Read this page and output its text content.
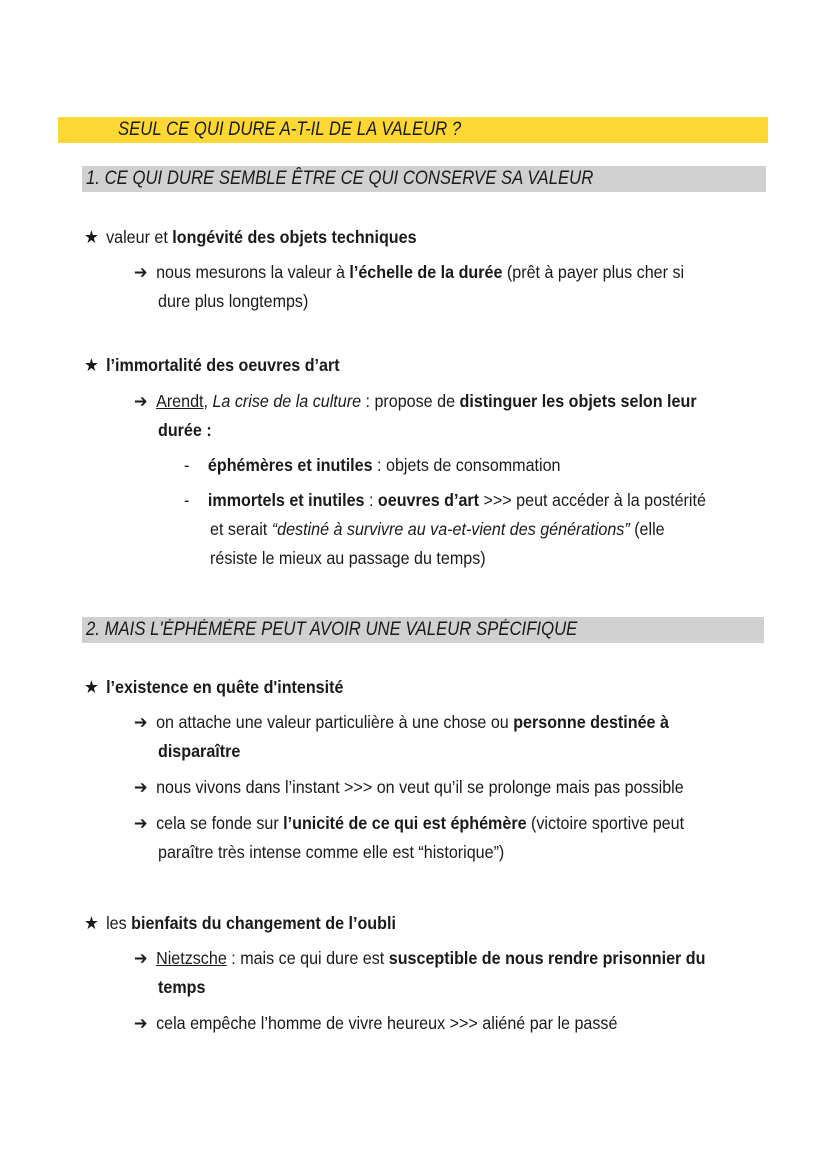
SEUL CE QUI DURE A-T-IL DE LA VALEUR ?
1. CE QUI DURE SEMBLE ÊTRE CE QUI CONSERVE SA VALEUR
★ valeur et longévité des objets techniques
➔ nous mesurons la valeur à l’échelle de la durée (prêt à payer plus cher si
dure plus longtemps)
★ l’immortalité des oeuvres d’art
➔ Arendt, La crise de la culture : propose de distinguer les objets selon leur
durée :
- éphémères et inutiles : objets de consommation
- immortels et inutiles : oeuvres d’art >>> peut accéder à la postérité
et serait “destiné à survivre au va-et-vient des générations” (elle
résiste le mieux au passage du temps)
2. MAIS L'ÉPHÉMÈRE PEUT AVOIR UNE VALEUR SPÉCIFIQUE
★ l’existence en quête d'intensité
➔ on attache une valeur particulière à une chose ou personne destinée à
disparaître
➔ nous vivons dans l’instant >>> on veut qu’il se prolonge mais pas possible
➔ cela se fonde sur l’unicité de ce qui est éphémère (victoire sportive peut
paraître très intense comme elle est “historique”)
★ les bienfaits du changement de l’oubli
➔ Nietzsche : mais ce qui dure est susceptible de nous rendre prisonnier du
temps
➔ cela empêche l’homme de vivre heureux >>> aliéné par le passé
